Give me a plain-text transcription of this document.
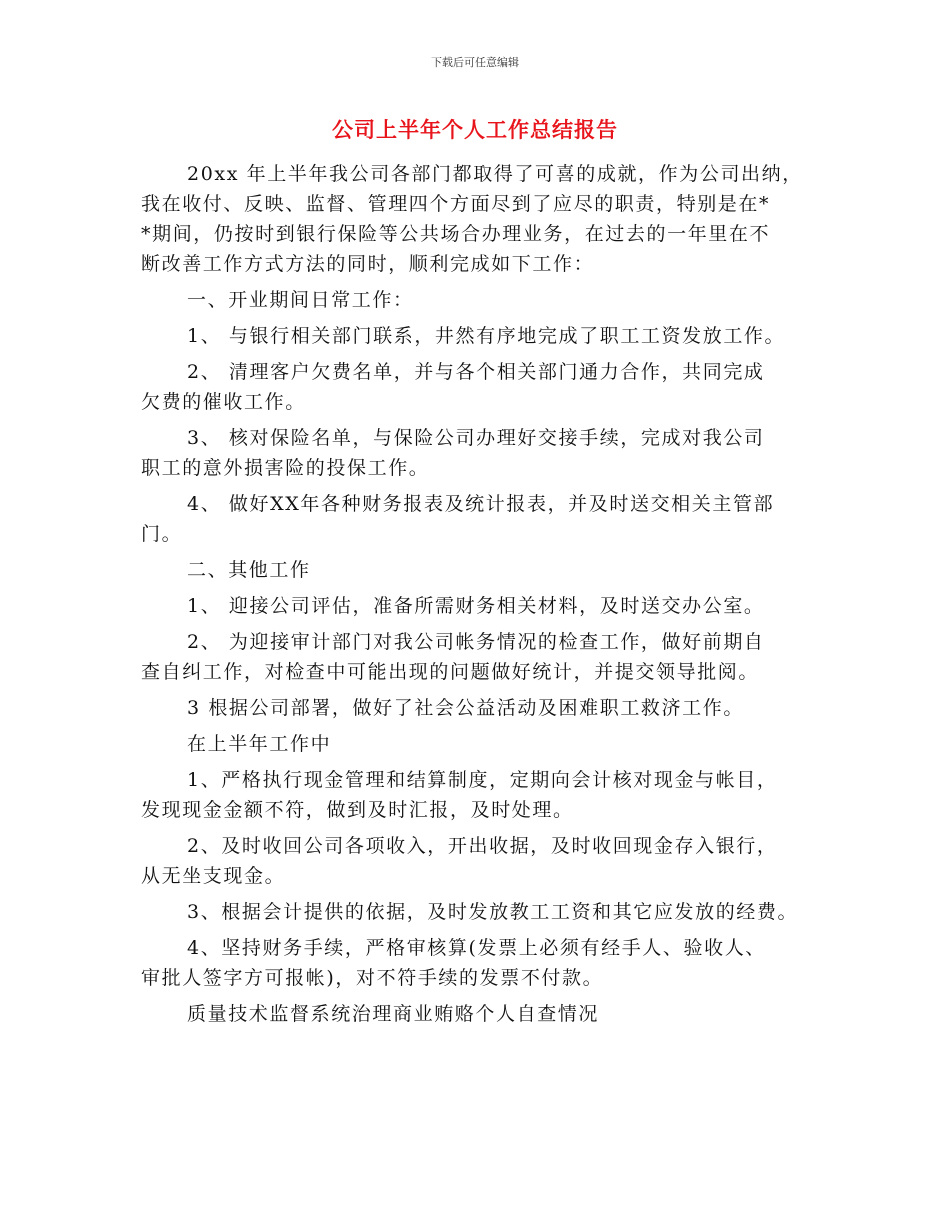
下载后可任意编辑
公司上半年个人工作总结报告
20xx 年上半年我公司各部门都取得了可喜的成就，作为公司出纳，
我在收付、反映、监督、管理四个方面尽到了应尽的职责，特别是在*
*期间，仍按时到银行保险等公共场合办理业务，在过去的一年里在不
断改善工作方式方法的同时，顺利完成如下工作：
一、开业期间日常工作：
1、 与银行相关部门联系，井然有序地完成了职工工资发放工作。
2、 清理客户欠费名单，并与各个相关部门通力合作，共同完成
欠费的催收工作。
3、 核对保险名单，与保险公司办理好交接手续，完成对我公司
职工的意外损害险的投保工作。
4、 做好XX年各种财务报表及统计报表，并及时送交相关主管部
门。
二、其他工作
1、 迎接公司评估，准备所需财务相关材料，及时送交办公室。
2、 为迎接审计部门对我公司帐务情况的检查工作，做好前期自
查自纠工作，对检查中可能出现的问题做好统计，并提交领导批阅。
3 根据公司部署，做好了社会公益活动及困难职工救济工作。
在上半年工作中
1、严格执行现金管理和结算制度，定期向会计核对现金与帐目，
发现现金金额不符，做到及时汇报，及时处理。
2、及时收回公司各项收入，开出收据，及时收回现金存入银行，
从无坐支现金。
3、根据会计提供的依据，及时发放教工工资和其它应发放的经费。
4、坚持财务手续，严格审核算(发票上必须有经手人、验收人、
审批人签字方可报帐)，对不符手续的发票不付款。
质量技术监督系统治理商业贿赂个人自查情况
